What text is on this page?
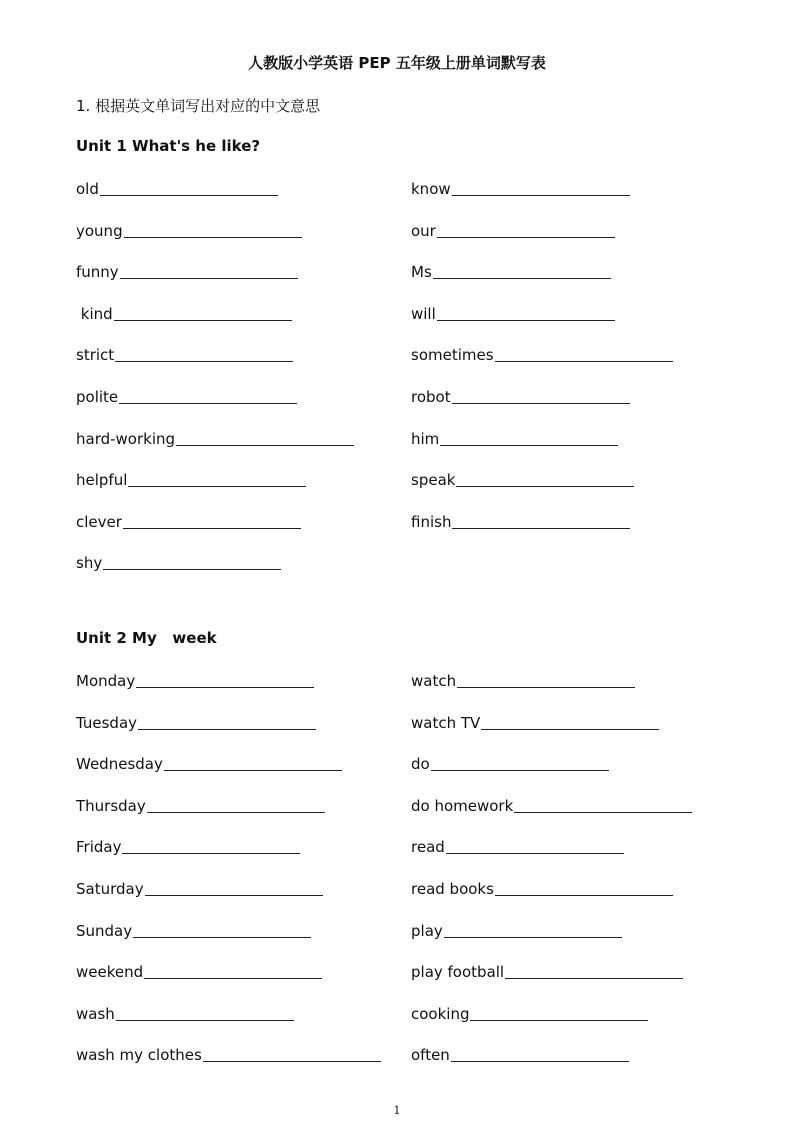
人教版小学英语 PEP 五年级上册单词默写表
1. 根据英文单词写出对应的中文意思
Unit 1 What's he like?
old
young
funny
kind
strict
polite
hard-working
helpful
clever
shy
know
our
Ms
will
sometimes
robot
him
speak
finish
Unit 2 My   week
Monday
Tuesday
Wednesday
Thursday
Friday
Saturday
Sunday
weekend
wash
wash my clothes
watch
watch TV
do
do homework
read
read books
play
play football
cooking
often
1
